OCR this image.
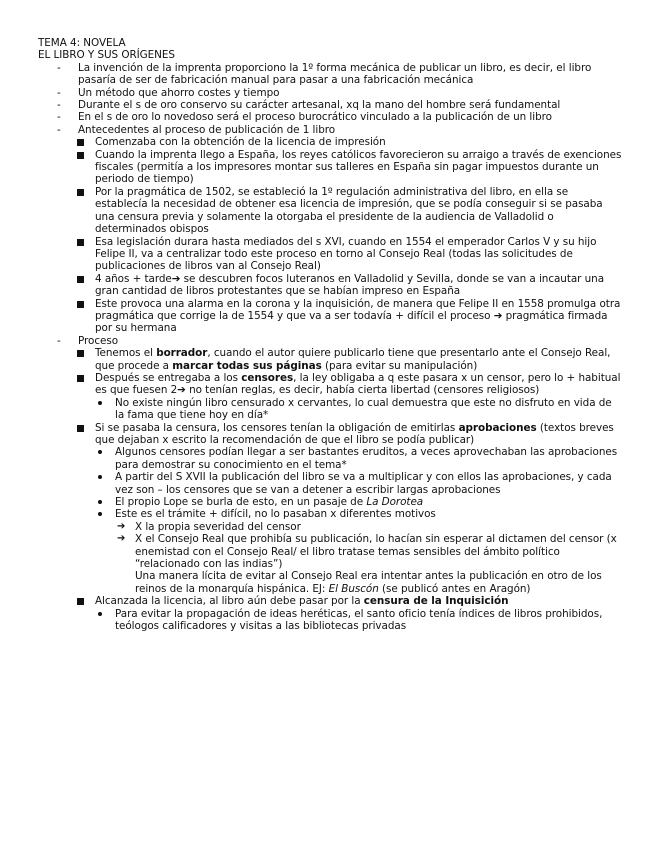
TEMA 4: NOVELA
EL LIBRO Y SUS ORÍGENES
- La invención de la imprenta proporciono la 1º forma mecánica de publicar un libro, es decir, el libro pasaría de ser de fabricación manual para pasar a una fabricación mecánica
- Un método que ahorro costes y tiempo
- Durante el s de oro conservo su carácter artesanal, xq la mano del hombre será fundamental
- En el s de oro lo novedoso será el proceso burocrático vinculado a la publicación de un libro
- Antecedentes al proceso de publicación de 1 libro
Comenzaba con la obtención de la licencia de impresión
Cuando la imprenta llego a España, los reyes católicos favorecieron su arraigo a través de exenciones fiscales (permitía a los impresores montar sus talleres en España sin pagar impuestos durante un periodo de tiempo)
Por la pragmática de 1502, se estableció la 1º regulación administrativa del libro, en ella se establecía la necesidad de obtener esa licencia de impresión, que se podía conseguir si se pasaba una censura previa y solamente la otorgaba el presidente de la audiencia de Valladolid o determinados obispos
Esa legislación durara hasta mediados del s XVI, cuando en 1554 el emperador Carlos V y su hijo Felipe II, va a centralizar todo este proceso en torno al Consejo Real (todas las solicitudes de publicaciones de libros van al Consejo Real)
4 años + tarde➔ se descubren focos luteranos en Valladolid y Sevilla, donde se van a incautar una gran cantidad de libros protestantes que se habían impreso en España
Este provoca una alarma en la corona y la inquisición, de manera que Felipe II en 1558 promulga otra pragmática que corrige la de 1554 y que va a ser todavía + difícil el proceso ➔ pragmática firmada por su hermana
- Proceso
Tenemos el borrador, cuando el autor quiere publicarlo tiene que presentarlo ante el Consejo Real, que procede a marcar todas sus páginas (para evitar su manipulación)
Después se entregaba a los censores, la ley obligaba a q este pasara x un censor, pero lo + habitual es que fuesen 2➔ no tenían reglas, es decir, había cierta libertad (censores religiosos)
No existe ningún libro censurado x cervantes, lo cual demuestra que este no disfruto en vida de la fama que tiene hoy en día*
Si se pasaba la censura, los censores tenían la obligación de emitirlas aprobaciones (textos breves que dejaban x escrito la recomendación de que el libro se podía publicar)
Algunos censores podían llegar a ser bastantes eruditos, a veces aprovechaban las aprobaciones para demostrar su conocimiento en el tema*
A partir del S XVII la publicación del libro se va a multiplicar y con ellos las aprobaciones, y cada vez son – los censores que se van a detener a escribir largas aprobaciones
El propio Lope se burla de esto, en un pasaje de La Dorotea
Este es el trámite + difícil, no lo pasaban x diferentes motivos
➔ X la propia severidad del censor
➔ X el Consejo Real que prohibía su publicación, lo hacían sin esperar al dictamen del censor (x enemistad con el Consejo Real/ el libro tratase temas sensibles del ámbito político “relacionado con las indias”)
Una manera lícita de evitar al Consejo Real era intentar antes la publicación en otro de los reinos de la monarquía hispánica. EJ: El Buscón (se publicó antes en Aragón)
Alcanzada la licencia, al libro aún debe pasar por la censura de la Inquisición
Para evitar la propagación de ideas heréticas, el santo oficio tenía índices de libros prohibidos, teólogos calificadores y visitas a las bibliotecas privadas
